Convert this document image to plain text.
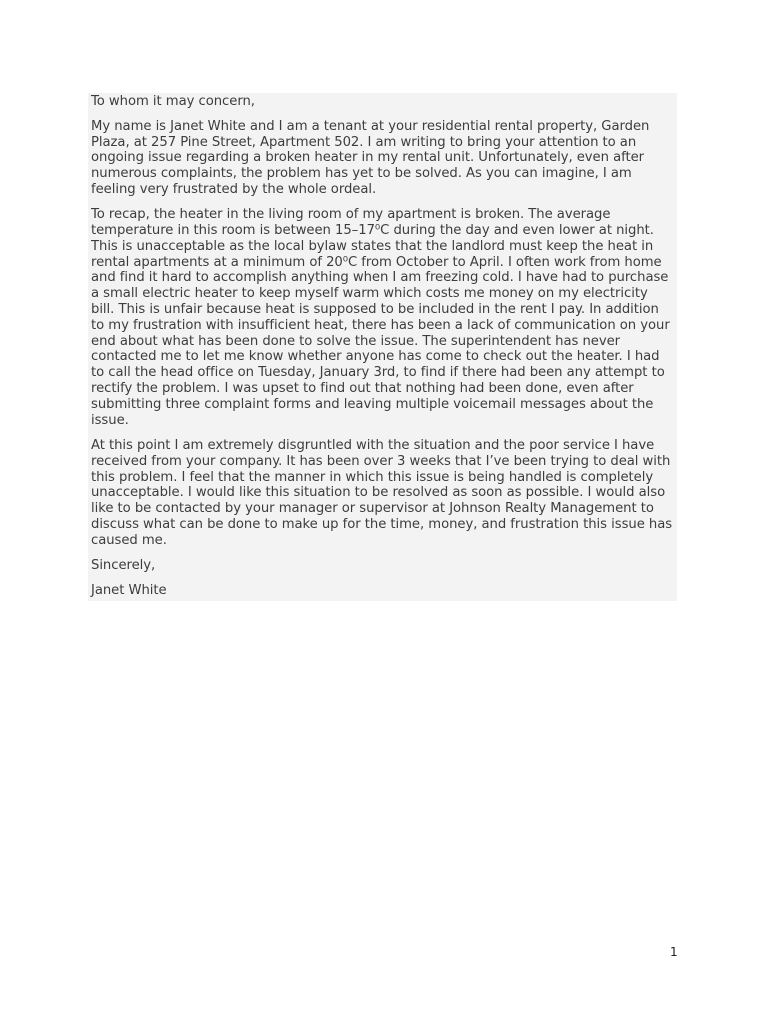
To whom it may concern,

My name is Janet White and I am a tenant at your residential rental property, Garden
Plaza, at 257 Pine Street, Apartment 502. I am writing to bring your attention to an
ongoing issue regarding a broken heater in my rental unit. Unfortunately, even after
numerous complaints, the problem has yet to be solved. As you can imagine, I am
feeling very frustrated by the whole ordeal.

To recap, the heater in the living room of my apartment is broken. The average
temperature in this room is between 15–17⁰C during the day and even lower at night.
This is unacceptable as the local bylaw states that the landlord must keep the heat in
rental apartments at a minimum of 20⁰C from October to April. I often work from home
and find it hard to accomplish anything when I am freezing cold. I have had to purchase
a small electric heater to keep myself warm which costs me money on my electricity
bill. This is unfair because heat is supposed to be included in the rent I pay. In addition
to my frustration with insufficient heat, there has been a lack of communication on your
end about what has been done to solve the issue. The superintendent has never
contacted me to let me know whether anyone has come to check out the heater. I had
to call the head office on Tuesday, January 3rd, to find if there had been any attempt to
rectify the problem. I was upset to find out that nothing had been done, even after
submitting three complaint forms and leaving multiple voicemail messages about the
issue.

At this point I am extremely disgruntled with the situation and the poor service I have
received from your company. It has been over 3 weeks that I’ve been trying to deal with
this problem. I feel that the manner in which this issue is being handled is completely
unacceptable. I would like this situation to be resolved as soon as possible. I would also
like to be contacted by your manager or supervisor at Johnson Realty Management to
discuss what can be done to make up for the time, money, and frustration this issue has
caused me.

Sincerely,

Janet White

1
